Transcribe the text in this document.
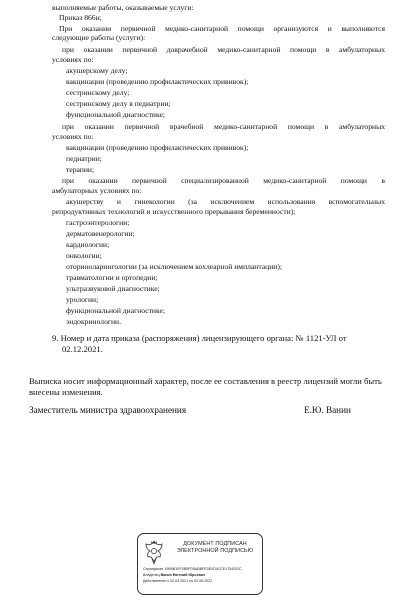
выполняемые работы, оказываемые услуги:
Приказ 866н;
При оказании первичной медико-санитарной помощи организуются и выполняются
следующие работы (услуги):
при оказании первичной доврачебной медико-санитарной помощи в амбулаторных
условиях по:
акушерскому делу;
вакцинации (проведению профилактических прививок);
сестринскому делу;
сестринскому делу в педиатрии;
функциональной диагностике;
при оказании первичной врачебной медико-санитарной помощи в амбулаторных
условиях по:
вакцинации (проведению профилактических прививок);
педиатрии;
терапии;
при оказании первичной специализированной медико-санитарной помощи в
амбулаторных условиях по:
акушерству и гинекологии (за исключением использования вспомогательных
репродуктивных технологий и искусственного прерывания беременности);
гастроэнтерологии;
дерматовенерологии;
кардиологии;
онкологии;
оториноларингологии (за исключением кохлеарной имплантации);
травматологии и ортопедии;
ультразвуковой диагностике;
урологии;
функциональной диагностике;
эндокринологии.
9. Номер и дата приказа (распоряжения) лицензирующего органа: № 1121-УЛ от
02.12.2021.
Выписка носит информационный характер, после ее составления в реестр лицензий могли быть
внесены изменения.
Заместитель министра здравоохранения	Е.Ю. Ванин
ДОКУМЕНТ ПОДПИСАН
ЭЛЕКТРОННОЙ ПОДПИСЬЮ
Сертификат 19B9B1EF0B5FD5ABBFE0E0D4CCE1754202C
Владелец Ванин Евгений Юрьевич
Действителен с 02.03.2021 по 02.06.2022
